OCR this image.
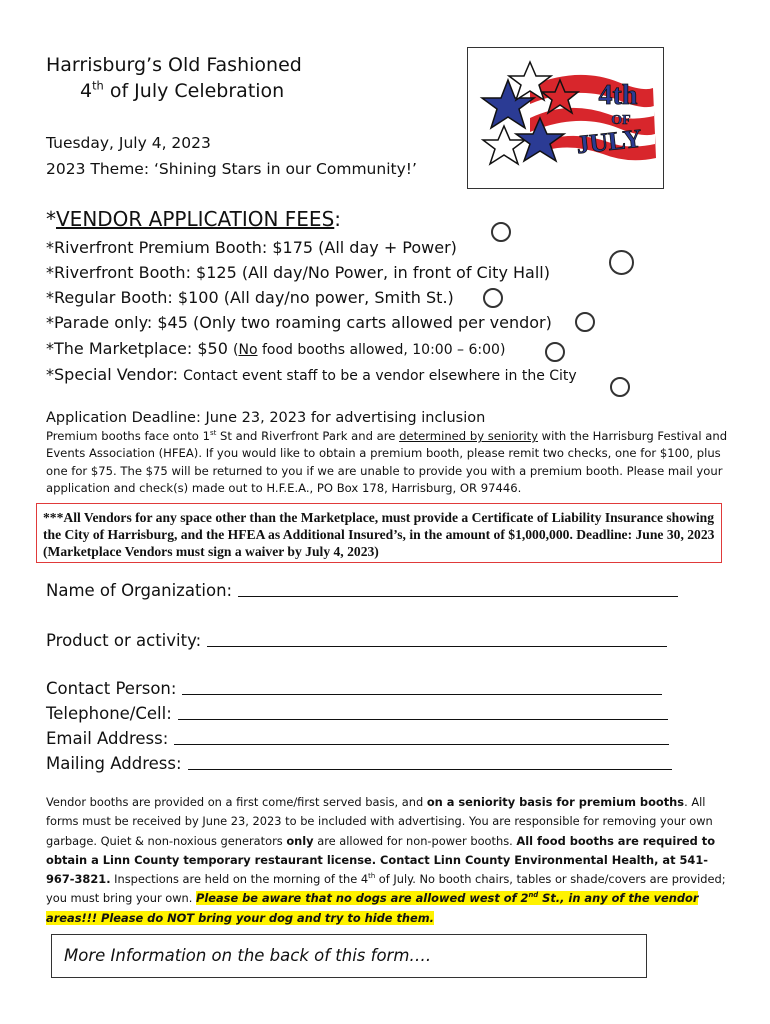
Harrisburg’s Old Fashioned
4th of July Celebration
Tuesday, July 4, 2023
2023 Theme: ‘Shining Stars in our Community!’
4th
OF
JULY
*VENDOR APPLICATION FEES:
*Riverfront Premium Booth: $175 (All day + Power)
*Riverfront Booth: $125 (All day/No Power, in front of City Hall)
*Regular Booth: $100 (All day/no power, Smith St.)
*Parade only: $45 (Only two roaming carts allowed per vendor)
*The Marketplace: $50 (No food booths allowed, 10:00 – 6:00)
*Special Vendor: Contact event staff to be a vendor elsewhere in the City
Application Deadline: June 23, 2023 for advertising inclusion
Premium booths face onto 1st St and Riverfront Park and are determined by seniority with the Harrisburg Festival and Events Association (HFEA). If you would like to obtain a premium booth, please remit two checks, one for $100, plus one for $75. The $75 will be returned to you if we are unable to provide you with a premium booth. Please mail your application and check(s) made out to H.F.E.A., PO Box 178, Harrisburg, OR 97446.
***All Vendors for any space other than the Marketplace, must provide a Certificate of Liability Insurance showing the City of Harrisburg, and the HFEA as Additional Insured’s, in the amount of $1,000,000. Deadline: June 30, 2023 (Marketplace Vendors must sign a waiver by July 4, 2023)
Name of Organization:
Product or activity:
Contact Person:
Telephone/Cell:
Email Address:
Mailing Address:
Vendor booths are provided on a first come/first served basis, and on a seniority basis for premium booths. All forms must be received by June 23, 2023 to be included with advertising. You are responsible for removing your own garbage. Quiet & non-noxious generators only are allowed for non-power booths. All food booths are required to obtain a Linn County temporary restaurant license. Contact Linn County Environmental Health, at 541-967-3821. Inspections are held on the morning of the 4th of July. No booth chairs, tables or shade/covers are provided; you must bring your own. Please be aware that no dogs are allowed west of 2nd St., in any of the vendor areas!!! Please do NOT bring your dog and try to hide them.
More Information on the back of this form….
